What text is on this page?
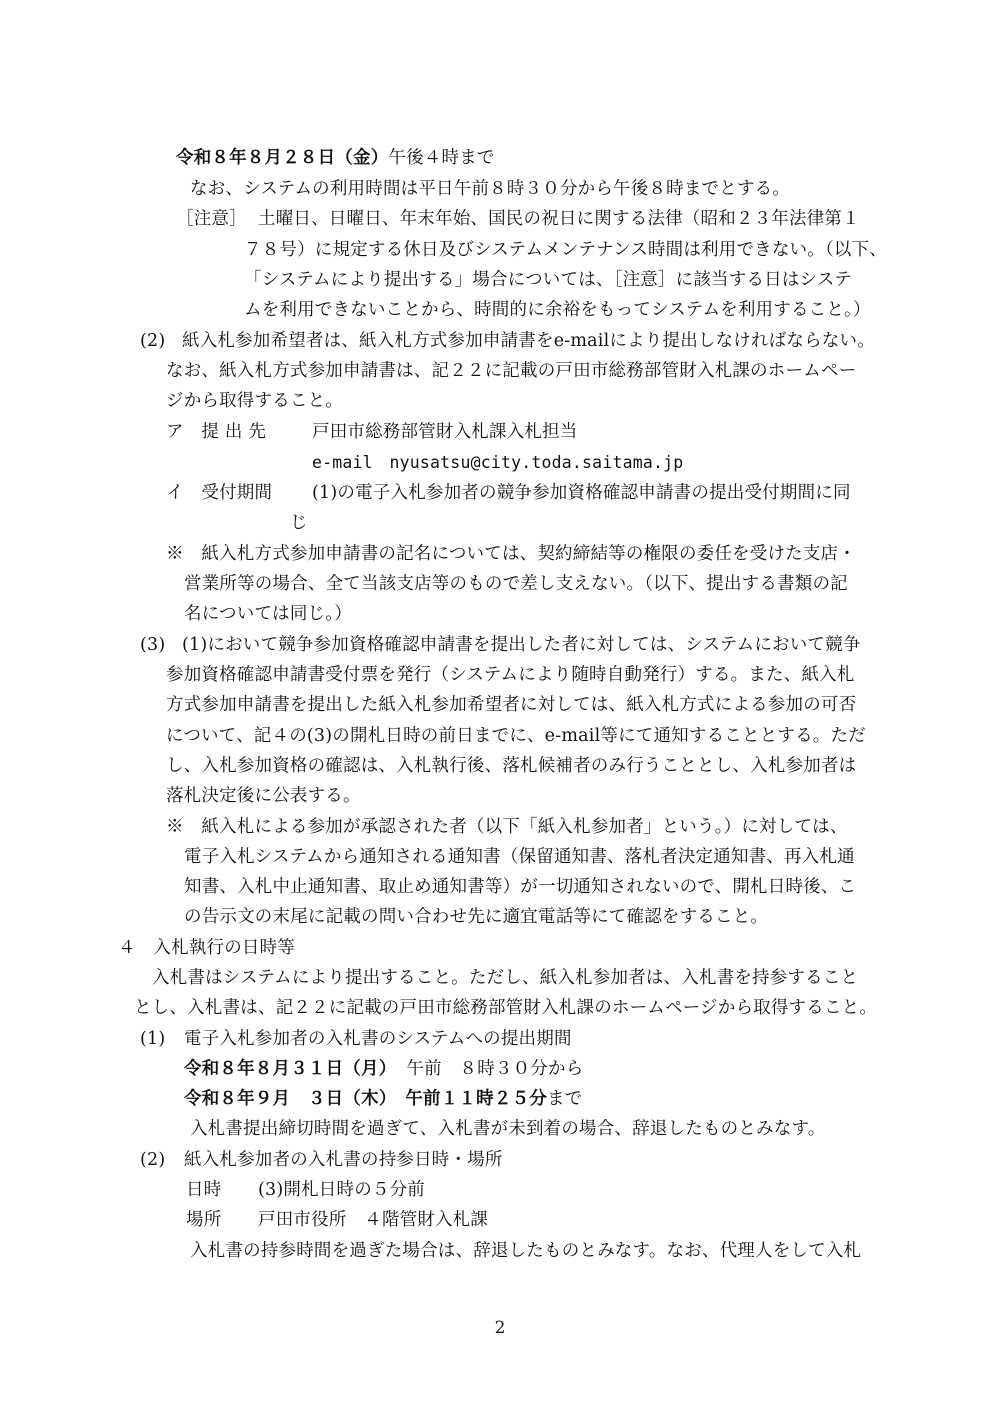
令和８年８月２８日（金）午後４時まで
なお、システムの利用時間は平日午前８時３０分から午後８時までとする。
［注意］ 土曜日、日曜日、年末年始、国民の祝日に関する法律（昭和２３年法律第１
７８号）に規定する休日及びシステムメンテナンス時間は利用できない。（以下、
「システムにより提出する」場合については、［注意］に該当する日はシステ
ムを利用できないことから、時間的に余裕をもってシステムを利用すること。）
(2) 紙入札参加希望者は、紙入札方式参加申請書をe-mailにより提出しなければならない。
なお、紙入札方式参加申請書は、記２２に記載の戸田市総務部管財入札課のホームペー
ジから取得すること。
ア　提 出 先	戸田市総務部管財入札課入札担当
e-mail　nyusatsu@city.toda.saitama.jp
イ　受付期間 (1)の電子入札参加者の競争参加資格確認申請書の提出受付期間に同
じ
※　紙入札方式参加申請書の記名については、契約締結等の権限の委任を受けた支店・
営業所等の場合、全て当該支店等のもので差し支えない。（以下、提出する書類の記
名については同じ。）
(3) (1)において競争参加資格確認申請書を提出した者に対しては、システムにおいて競争
参加資格確認申請書受付票を発行（システムにより随時自動発行）する。また、紙入札
方式参加申請書を提出した紙入札参加希望者に対しては、紙入札方式による参加の可否
について、記４の(3)の開札日時の前日までに、e-mail等にて通知することとする。ただ
し、入札参加資格の確認は、入札執行後、落札候補者のみ行うこととし、入札参加者は
落札決定後に公表する。
※　紙入札による参加が承認された者（以下「紙入札参加者」という。）に対しては、
電子入札システムから通知される通知書（保留通知書、落札者決定通知書、再入札通
知書、入札中止通知書、取止め通知書等）が一切通知されないので、開札日時後、こ
の告示文の末尾に記載の問い合わせ先に適宜電話等にて確認をすること。
４　入札執行の日時等
入札書はシステムにより提出すること。ただし、紙入札参加者は、入札書を持参すること
とし、入札書は、記２２に記載の戸田市総務部管財入札課のホームページから取得すること。
(1) 電子入札参加者の入札書のシステムへの提出期間
令和８年８月３１日（月） 午前　８時３０分から
令和８年９月　３日（木）　午前１１時２５分まで
入札書提出締切時間を過ぎて、入札書が未到着の場合、辞退したものとみなす。
(2) 紙入札参加者の入札書の持参日時・場所
日時 (3)開札日時の５分前
場所 戸田市役所　４階管財入札課
入札書の持参時間を過ぎた場合は、辞退したものとみなす。なお、代理人をして入札
2
